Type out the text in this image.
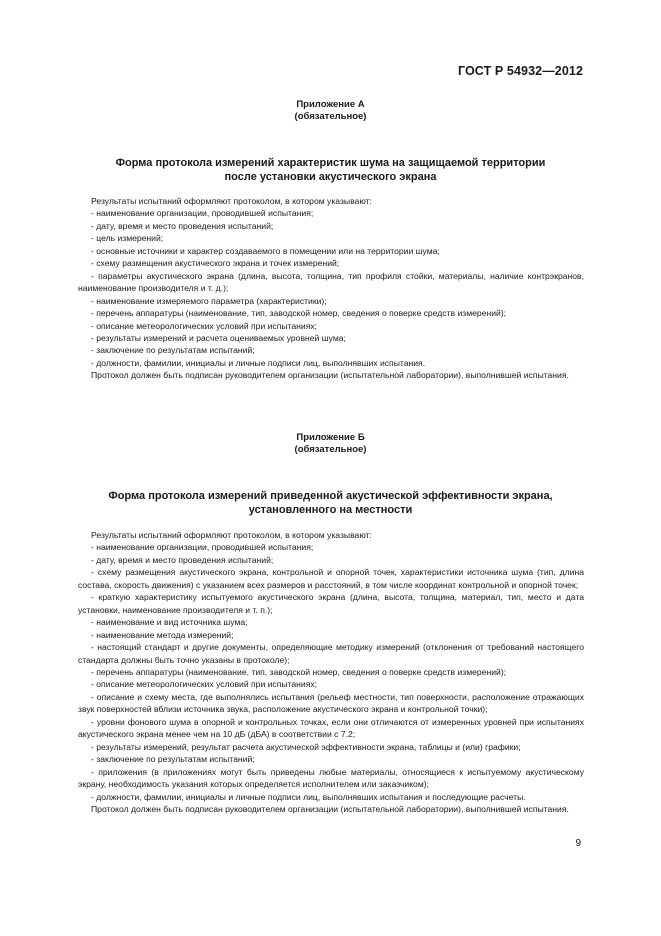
ГОСТ Р 54932—2012
Приложение А
(обязательное)
Форма протокола измерений характеристик шума на защищаемой территории
после установки акустического экрана

Результаты испытаний оформляют протоколом, в котором указывают:

- наименование организации, проводившей испытания;

- дату, время и место проведения испытаний;

- цель измерений;

- основные источники и характер создаваемого в помещении или на территории шума;

- схему размещения акустического экрана и точек измерений;

- параметры акустического экрана (длина, высота, толщина, тип профиля стойки, материалы, наличие контрэкранов, наименование производителя и т. д.);

- наименование измеряемого параметра (характеристики);

- перечень аппаратуры (наименование, тип, заводской номер, сведения о поверке средств измерений);

- описание метеорологических условий при испытаниях;

- результаты измерений и расчета оцениваемых уровней шума;

- заключение по результатам испытаний;

- должности, фамилии, инициалы и личные подписи лиц, выполнявших испытания.

Протокол должен быть подписан руководителем организации (испытательной лаборатории), выполнившей испытания.

Приложение Б
(обязательное)
Форма протокола измерений приведенной акустической эффективности экрана,
установленного на местности

Результаты испытаний оформляют протоколом, в котором указывают:

- наименование организации, проводившей испытания;

- дату, время и место проведения испытаний;

- схему размещения акустического экрана, контрольной и опорной точек, характеристики источника шума (тип, длина состава, скорость движения) с указанием всех размеров и расстояний, в том числе координат контрольной и опорной точек;

- краткую характеристику испытуемого акустического экрана (длина, высота, толщина, материал, тип, место и дата установки, наименование производителя и т. п.);

- наименование и вид источника шума;

- наименование метода измерений;

- настоящий стандарт и другие документы, определяющие методику измерений (отклонения от требований настоящего стандарта должны быть точно указаны в протоколе);

- перечень аппаратуры (наименование, тип, заводской номер, сведения о поверке средств измерений);

- описание метеорологических условий при испытаниях;

- описание и схему места, где выполнялись испытания (рельеф местности, тип поверхности, расположение отражающих звук поверхностей вблизи источника звука, расположение акустического экрана и контрольной точки);

- уровни фонового шума в опорной и контрольных точках, если они отличаются от измеренных уровней при испытаниях акустического экрана менее чем на 10 дБ (дБА) в соответствии с 7.2;

- результаты измерений, результат расчета акустической эффективности экрана, таблицы и (или) графики;

- заключение по результатам испытаний;

- приложения (в приложениях могут быть приведены любые материалы, относящиеся к испытуемому акустическому экрану, необходимость указания которых определяется исполнителем или заказчиком);

- должности, фамилии, инициалы и личные подписи лиц, выполнявших испытания и последующие расчеты.

Протокол должен быть подписан руководителем организации (испытательной лаборатории), выполнившей испытания.

9
